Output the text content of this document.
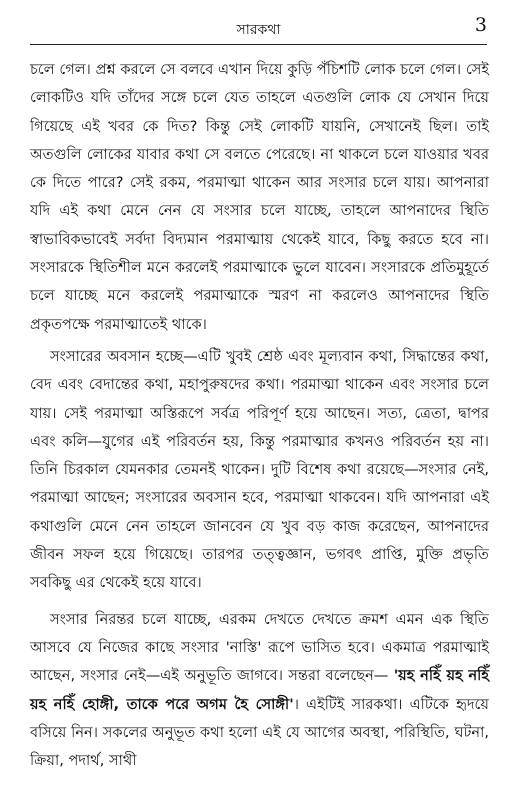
সারকথা	3

চলে গেল। প্রশ্ন করলে সে বলবে এখান দিয়ে কুড়ি পঁচিশটি লোক চলে গেল। সেই লোকটিও যদি তাঁদের সঙ্গে চলে যেত তাহলে এতগুলি লোক যে সেখান দিয়ে গিয়েছে এই খবর কে দিত? কিন্তু সেই লোকটি যায়নি, সেখানেই ছিল। তাই অতগুলি লোকের যাবার কথা সে বলতে পেরেছে। না থাকলে চলে যাওয়ার খবর কে দিতে পারে? সেই রকম, পরমাত্মা থাকেন আর সংসার চলে যায়। আপনারা যদি এই কথা মেনে নেন যে সংসার চলে যাচ্ছে, তাহলে আপনাদের স্থিতি স্বাভাবিকভাবেই সর্বদা বিদ্যমান পরমাত্মায় থেকেই যাবে, কিছু করতে হবে না। সংসারকে স্থিতিশীল মনে করলেই পরমাত্মাকে ভুলে যাবেন। সংসারকে প্রতিমুহূর্তে চলে যাচ্ছে মনে করলেই পরমাত্মাকে স্মরণ না করলেও আপনাদের স্থিতি প্রকৃতপক্ষে পরমাত্মাতেই থাকে।

সংসারের অবসান হচ্ছে—এটি খুবই শ্রেষ্ঠ এবং মূল্যবান কথা, সিদ্ধান্তের কথা, বেদ এবং বেদান্তের কথা, মহাপুরুষদের কথা। পরমাত্মা থাকেন এবং সংসার চলে যায়। সেই পরমাত্মা অস্তিরূপে সর্বত্র পরিপূর্ণ হয়ে আছেন। সত্য, ত্রেতা, দ্বাপর এবং কলি—যুগের এই পরিবর্তন হয়, কিন্তু পরমাত্মার কখনও পরিবর্তন হয় না। তিনি চিরকাল যেমনকার তেমনই থাকেন। দুটি বিশেষ কথা রয়েছে—সংসার নেই, পরমাত্মা আছেন; সংসারের অবসান হবে, পরমাত্মা থাকবেন। যদি আপনারা এই কথাগুলি মেনে নেন তাহলে জানবেন যে খুব বড় কাজ করেছেন, আপনাদের জীবন সফল হয়ে গিয়েছে। তারপর তত্ত্বজ্ঞান, ভগবৎ প্রাপ্তি, মুক্তি প্রভৃতি সবকিছু এর থেকেই হয়ে যাবে।

সংসার নিরন্তর চলে যাচ্ছে, এরকম দেখতে দেখতে ক্রমশ এমন এক স্থিতি আসবে যে নিজের কাছে সংসার 'নাস্তি' রূপে ভাসিত হবে। একমাত্র পরমাত্মাই আছেন, সংসার নেই—এই অনুভূতি জাগবে। সন্তরা বলেছেন— 'য়হ নহিঁ য়হ নহিঁ য়হ নহিঁ হোঙ্গী, তাকে পরে অগম হৈ সোঙ্গী'। এইটিই সারকথা। এটিকে হৃদয়ে বসিয়ে নিন। সকলের অনুভূত কথা হলো এই যে আগের অবস্থা, পরিস্থিতি, ঘটনা, ক্রিয়া, পদার্থ, সাথী
